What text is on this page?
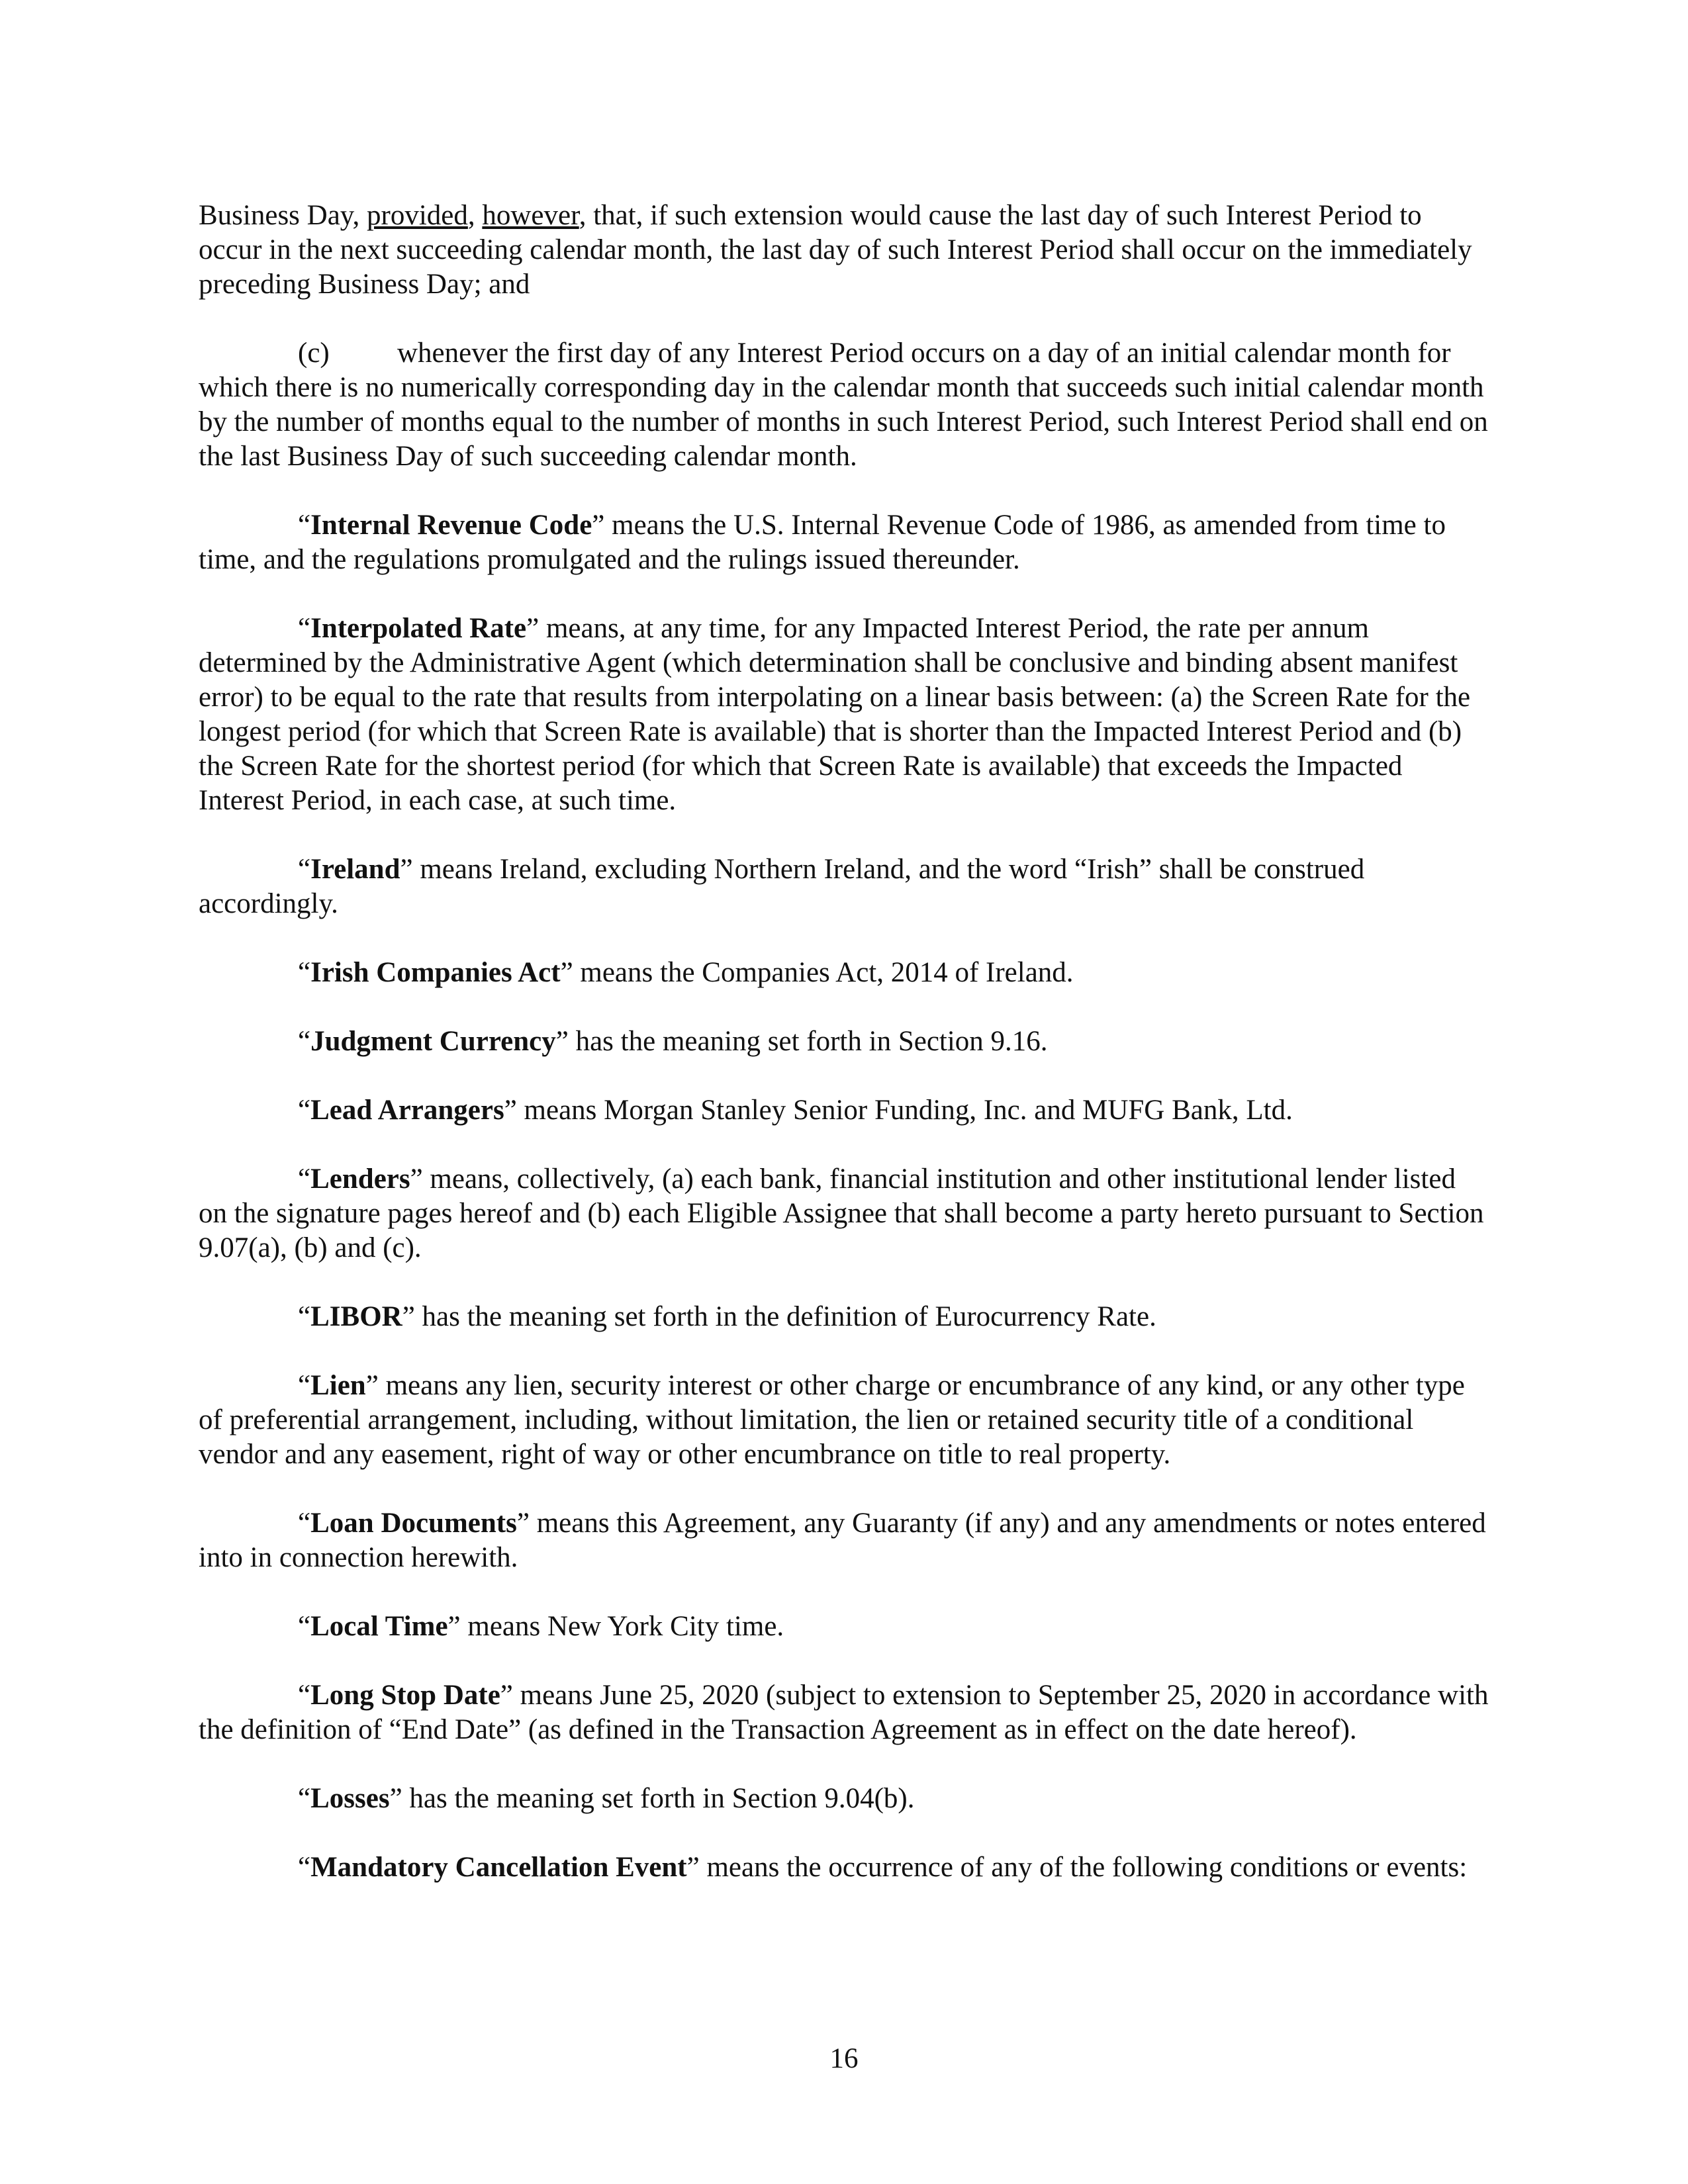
Business Day, provided, however, that, if such extension would cause the last day of such Interest Period to occur in the next succeeding calendar month, the last day of such Interest Period shall occur on the immediately preceding Business Day; and

(c) whenever the first day of any Interest Period occurs on a day of an initial calendar month for which there is no numerically corresponding day in the calendar month that succeeds such initial calendar month by the number of months equal to the number of months in such Interest Period, such Interest Period shall end on the last Business Day of such succeeding calendar month.

“Internal Revenue Code” means the U.S. Internal Revenue Code of 1986, as amended from time to time, and the regulations promulgated and the rulings issued thereunder.

“Interpolated Rate” means, at any time, for any Impacted Interest Period, the rate per annum determined by the Administrative Agent (which determination shall be conclusive and binding absent manifest error) to be equal to the rate that results from interpolating on a linear basis between: (a) the Screen Rate for the longest period (for which that Screen Rate is available) that is shorter than the Impacted Interest Period and (b) the Screen Rate for the shortest period (for which that Screen Rate is available) that exceeds the Impacted Interest Period, in each case, at such time.

“Ireland” means Ireland, excluding Northern Ireland, and the word “Irish” shall be construed accordingly.

“Irish Companies Act” means the Companies Act, 2014 of Ireland.

“Judgment Currency” has the meaning set forth in Section 9.16.

“Lead Arrangers” means Morgan Stanley Senior Funding, Inc. and MUFG Bank, Ltd.

“Lenders” means, collectively, (a) each bank, financial institution and other institutional lender listed on the signature pages hereof and (b) each Eligible Assignee that shall become a party hereto pursuant to Section 9.07(a), (b) and (c).

“LIBOR” has the meaning set forth in the definition of Eurocurrency Rate.

“Lien” means any lien, security interest or other charge or encumbrance of any kind, or any other type of preferential arrangement, including, without limitation, the lien or retained security title of a conditional vendor and any easement, right of way or other encumbrance on title to real property.

“Loan Documents” means this Agreement, any Guaranty (if any) and any amendments or notes entered into in connection herewith.

“Local Time” means New York City time.

“Long Stop Date” means June 25, 2020 (subject to extension to September 25, 2020 in accordance with the definition of “End Date” (as defined in the Transaction Agreement as in effect on the date hereof).

“Losses” has the meaning set forth in Section 9.04(b).

“Mandatory Cancellation Event” means the occurrence of any of the following conditions or events:

16
